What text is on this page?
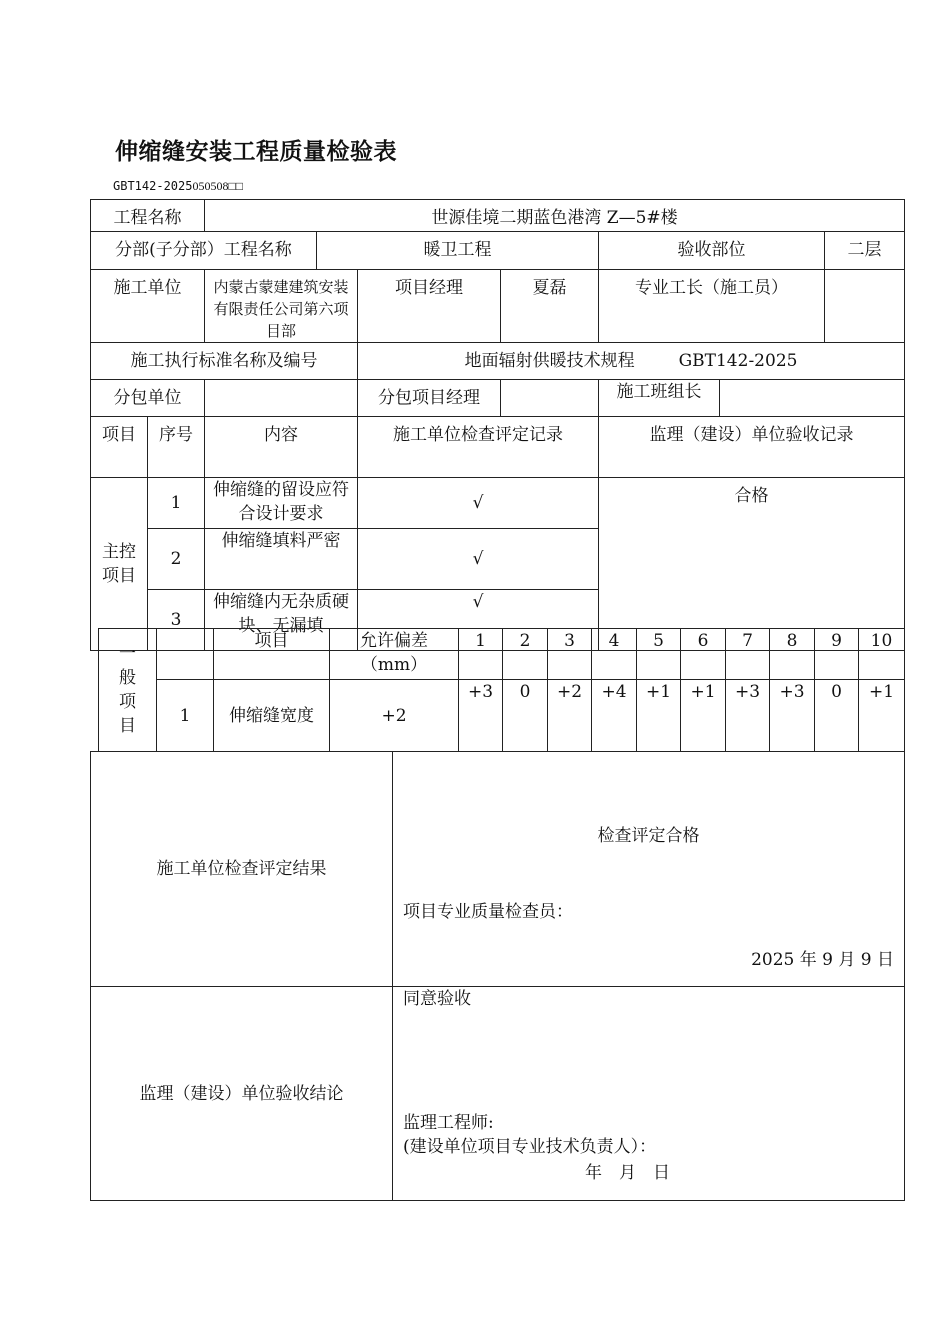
伸缩缝安装工程质量检验表
GBT142-2025050508□□
工程名称		世源佳境二期蓝色港湾 Z—5#楼					
分部(子分部）工程名称			暖卫工程			验收部位	二层
施工单位		内蒙古蒙建建筑安装有限责任公司第六项目部		项目经理	夏磊	专业工长（施工员）	
施工执行标准名称及编号				地面辐射供暖技术规程 GBT142-2025			
分包单位				分包项目经理		施工班组长	

项目	序号	内容		施工单位检查评定记录		监理（建设）单位验收记录	
主控项目	1	伸缩缝的留设应符合设计要求		√		合格	
	2	伸缩缝填料严密		√			
	3	伸缩缝内无杂质硬块、无漏填		√			
一般项目		项目	允许偏差（mm）	1	2	3	4	5	6	7	8	9	10
	1	伸缩缝宽度	+2	+3	0	+2	+4	+1	+1	+3	+3	0	+1
施工单位检查评定结果	检查评定合格
项目专业质量检查员：
2025 年 9 月 9 日

监理（建设）单位验收结论	同意验收
监理工程师:
(建设单位项目专业技术负责人）：
年　月　日
